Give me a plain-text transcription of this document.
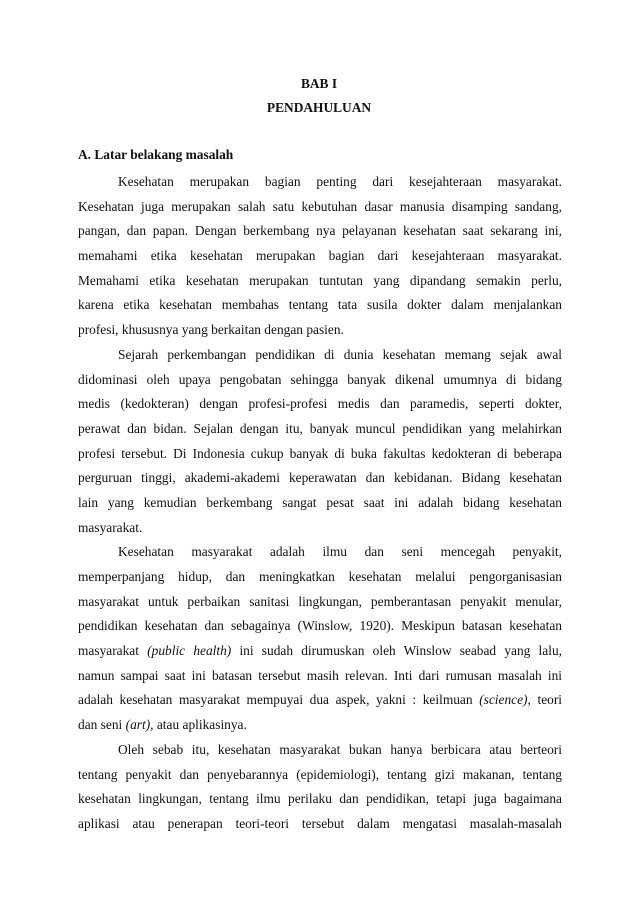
BAB I
PENDAHULUAN
A. Latar belakang masalah
Kesehatan merupakan bagian penting dari kesejahteraan masyarakat.
Kesehatan juga merupakan salah satu kebutuhan dasar manusia disamping sandang,
pangan, dan papan. Dengan berkembang nya pelayanan kesehatan saat sekarang ini,
memahami etika kesehatan merupakan bagian dari kesejahteraan masyarakat.
Memahami etika kesehatan merupakan tuntutan yang dipandang semakin perlu,
karena etika kesehatan membahas tentang tata susila dokter dalam menjalankan
profesi, khususnya yang berkaitan dengan pasien.
Sejarah perkembangan pendidikan di dunia kesehatan memang sejak awal
didominasi oleh upaya pengobatan sehingga banyak dikenal umumnya di bidang
medis (kedokteran) dengan profesi-profesi medis dan paramedis, seperti dokter,
perawat dan bidan. Sejalan dengan itu, banyak muncul pendidikan yang melahirkan
profesi tersebut. Di Indonesia cukup banyak di buka fakultas kedokteran di beberapa
perguruan tinggi, akademi-akademi keperawatan dan kebidanan. Bidang kesehatan
lain yang kemudian berkembang sangat pesat saat ini adalah bidang kesehatan
masyarakat.
Kesehatan masyarakat adalah ilmu dan seni mencegah penyakit,
memperpanjang hidup, dan meningkatkan kesehatan melalui pengorganisasian
masyarakat untuk perbaikan sanitasi lingkungan, pemberantasan penyakit menular,
pendidikan kesehatan dan sebagainya (Winslow, 1920). Meskipun batasan kesehatan
masyarakat (public health) ini sudah dirumuskan oleh Winslow seabad yang lalu,
namun sampai saat ini batasan tersebut masih relevan. Inti dari rumusan masalah ini
adalah kesehatan masyarakat mempuyai dua aspek, yakni : keilmuan (science), teori
dan seni (art), atau aplikasinya.
Oleh sebab itu, kesehatan masyarakat bukan hanya berbicara atau berteori
tentang penyakit dan penyebarannya (epidemiologi), tentang gizi makanan, tentang
kesehatan lingkungan, tentang ilmu perilaku dan pendidikan, tetapi juga bagaimana
aplikasi atau penerapan teori-teori tersebut dalam mengatasi masalah-masalah
